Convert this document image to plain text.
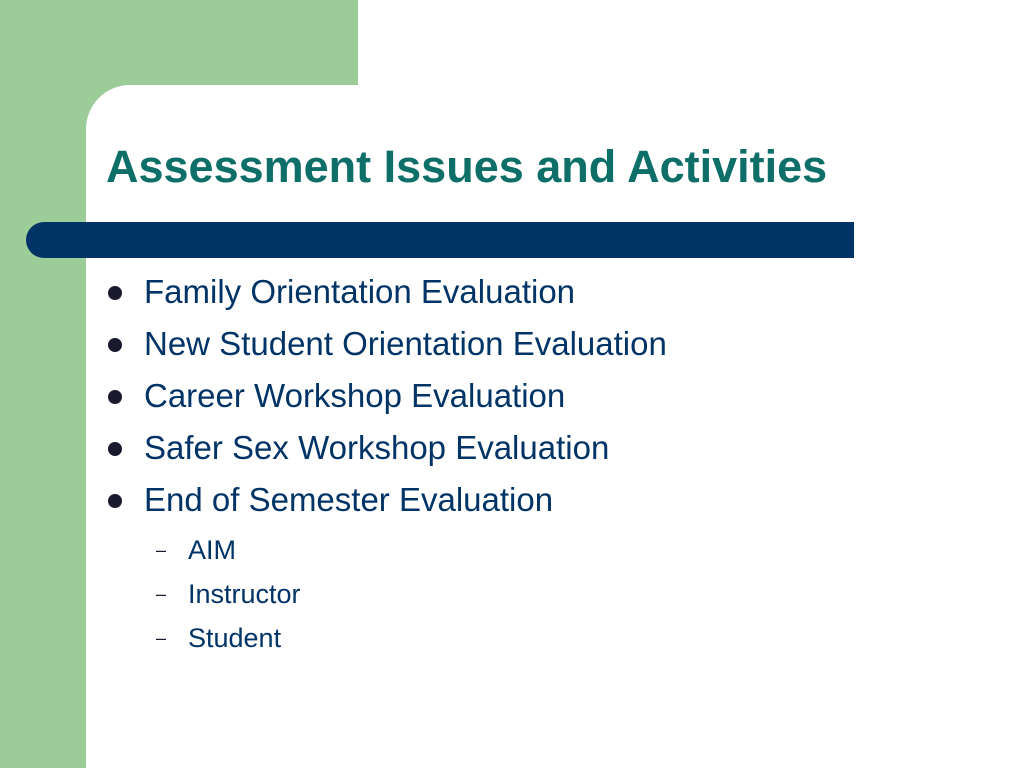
Assessment Issues and Activities
Family Orientation Evaluation
New Student Orientation Evaluation
Career Workshop Evaluation
Safer Sex Workshop Evaluation
End of Semester Evaluation
– AIM
– Instructor
– Student
